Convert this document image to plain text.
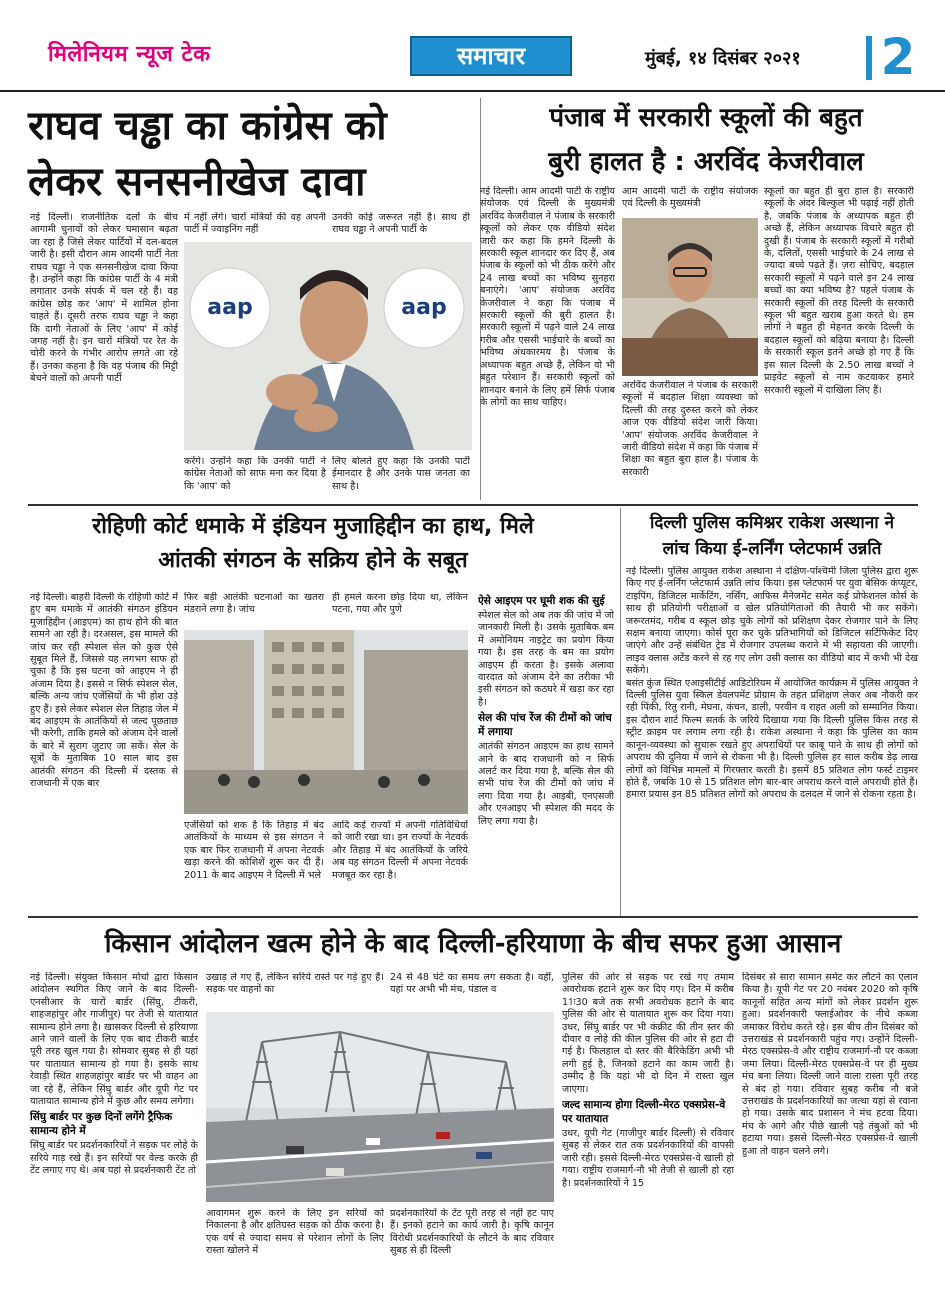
मिलेनियम न्यूज टेक	समाचार	मुंबई, १४ दिसंबर २०२१ 2
राघव चड्ढा का कांग्रेस को
लेकर सनसनीखेज दावा
नई दिल्ली। राजनीतिक दलों के बीच आगामी चुनावों को लेकर घमासान बढ़ता जा रहा है जिसे लेकर पार्टियों में दल-बदल जारी है। इसी दौरान आम आदमी पार्टी नेता राघव चड्ढा ने एक सनसनीखेज दावा किया है। उन्होंने कहा कि कांग्रेस पार्टी के 4 मंत्री लगातार उनके संपर्क में चल रहे हैं। वह कांग्रेस छोड़ कर 'आप' में शामिल होना चाहते हैं। दूसरी तरफ राघव चड्ढा ने कहा कि दागी नेताओं के लिए 'आप' में कोई जगह नहीं है। इन चारों मंत्रियों पर रेत के चोरी करने के गंभीर आरोप लगते आ रहे हैं। उनका कहना है कि वह पंजाब की मिट्टी बेचने वालों को अपनी पार्टी
में नहीं लेंगे। चारों मंत्रियों की वह अपनी पार्टी में ज्वाइनिंग नहीं
उनकी कोई जरूरत नहीं है। साथ ही राघव चड्ढा ने अपनी पार्टी के
aap	aap
करेंगे। उन्होंने कहा कि उनकी पार्टी ने कांग्रेस नेताओं को साफ मना कर दिया है कि 'आप' को
लिए बोलते हुए कहा कि उनकी पार्टी ईमानदार है और उनके पास जनता का साथ है।
पंजाब में सरकारी स्कूलों की बहुत
बुरी हालत है : अरविंद केजरीवाल
नई दिल्ली। आम आदमी पार्टी के राष्ट्रीय संयोजक एवं दिल्ली के मुख्यमंत्री अरविंद केजरीवाल ने पंजाब के सरकारी स्कूलों को लेकर एक वीडियो संदेश जारी कर कहा कि हमने दिल्ली के सरकारी स्कूल शानदार कर दिए हैं, अब पंजाब के स्कूलों को भी ठीक करेंगे और 24 लाख बच्चों का भविष्य सुनहरा बनाएंगे। 'आप' संयोजक अरविंद केजरीवाल ने कहा कि पंजाब में सरकारी स्कूलों की बुरी हालत है। सरकारी स्कूलों में पढ़ने वाले 24 लाख गरीब और एससी भाईचारे के बच्चों का भविष्य अंधकारमय है। पंजाब के अध्यापक बहुत अच्छे हैं, लेकिन वो भी बहुत परेशान हैं। सरकारी स्कूलों को शानदार बनाने के लिए हमें सिर्फ पंजाब के लोगों का साथ चाहिए।
आम आदमी पार्टी के राष्ट्रीय संयोजक एवं दिल्ली के मुख्यमंत्री
अरविंद केजरीवाल ने पंजाब के सरकारी स्कूलों में बदहाल शिक्षा व्यवस्था को दिल्ली की तरह दुरुस्त करने को लेकर आज एक वीडियो संदेश जारी किया। 'आप' संयोजक अरविंद केजरीवाल ने जारी वीडियो संदेश में कहा कि पंजाब में शिक्षा का बहुत बुरा हाल है। पंजाब के सरकारी
स्कूलों का बहुत ही बुरा हाल है। सरकारी स्कूलों के अंदर बिल्कुल भी पढ़ाई नहीं होती है, जबकि पंजाब के अध्यापक बहुत ही अच्छे हैं, लेकिन अध्यापक विचारे बहुत ही दुखी हैं। पंजाब के सरकारी स्कूलों में गरीबों के, दलितों, एससी भाईचारे के 24 लाख से ज्यादा बच्चे पढ़ते हैं। ज़रा सोचिए, बदहाल सरकारी स्कूलों में पढ़ने वाले इन 24 लाख बच्चों का क्या भविष्य है? पहले पंजाब के सरकारी स्कूलों की तरह दिल्ली के सरकारी स्कूल भी बहुत खराब हुआ करते थे। हम लोगों ने बहुत ही मेहनत करके दिल्ली के बदहाल स्कूलों को बढ़िया बनाया है। दिल्ली के सरकारी स्कूल इतने अच्छे हो गए हैं कि इस साल दिल्ली के 2.50 लाख बच्चों ने प्राइवेट स्कूलों से नाम कटवाकर हमारे सरकारी स्कूलों में दाखिला लिए हैं।
रोहिणी कोर्ट धमाके में इंडियन मुजाहिद्दीन का हाथ, मिले
आंतकी संगठन के सक्रिय होने के सबूत
नई दिल्ली। बाहरी दिल्ली के रोहिणी कोर्ट में हुए बम धमाके में आतंकी संगठन इंडियन मुजाहिद्दीन (आइएम) का हाथ होने की बात सामने आ रही है। दरअसल, इस मामले की जांच कर रही स्पेशल सेल को कुछ ऐसे सुबूत मिले हैं, जिससे यह लगभग साफ हो चुका है कि इस घटना को आइएम ने ही अंजाम दिया है। इससे न सिर्फ स्पेशल सेल, बल्कि अन्य जांच एजेंसियों के भी होश उड़े हुए हैं। इसे लेकर स्पेशल सेल तिहाड़ जेल में बंद आइएम के आतंकियों से जल्द पूछताछ भी करेगी, ताकि हमले को अंजाम देने वालों के बारे में सुराग जुटाए जा सकें। सेल के सूत्रों के मुताबिक 10 साल बाद इस आतंकी संगठन की दिल्ली में दस्तक से राजधानी में एक बार
फिर बड़ी आतंकी घटनाओं का खतरा मंडराने लगा है। जांच
ही हमले करना छोड़ दिया था, लेकिन पटना, गया और पुणे
एजेंसियों को शक है कि तिहाड़ में बंद आतंकियों के माध्यम से इस संगठन ने एक बार फिर राजधानी में अपना नेटवर्क खड़ा करने की कोशिशें शुरू कर दी हैं। 2011 के बाद आइएम ने दिल्ली में भले
आदि कई राज्यों में अपनी गतिविधियों को जारी रखा था। इन राज्यों के नेटवर्क और तिहाड़ में बंद आतंकियों के जरिये अब यह संगठन दिल्ली में अपना नेटवर्क मजबूत कर रहा है।
ऐसे आइएम पर घूमी शक की सुई
स्पेशल सेल को अब तक की जांच में जो जानकारी मिली है। उसके मुताबिक बम में अमोनियम नाइट्रेट का प्रयोग किया गया है। इस तरह के बम का प्रयोग आइएम ही करता है। इसके अलावा वारदात को अंजाम देने का तरीका भी इसी संगठन को कठघरे में खड़ा कर रहा है।
सेल की पांच रेंज की टीमों को जांच में लगाया
आतंकी संगठन आइएम का हाथ सामने आने के बाद राजधानी को न सिर्फ अलर्ट कर दिया गया है, बल्कि सेल की सभी पांच रेंज की टीमों को जांच में लगा दिया गया है। आइबी, एनएसजी और एनआइए भी स्पेशल की मदद के लिए लगा गया है।
दिल्ली पुलिस कमिश्नर राकेश अस्थाना ने
लांच किया ई-लर्निंग प्लेटफार्म उन्नति

नई दिल्ली। पुलिस आयुक्त राकेश अस्थाना ने दक्षिण-पश्चिमी जिला पुलिस द्वारा शुरू किए गए ई-लर्निंग प्लेटफार्म उन्नति लांच किया। इस प्लेटफार्म पर युवा बेसिक कंप्यूटर, टाइपिंग, डिजिटल मार्केटिंग, नर्सिंग, आफिस मैनेजमेंट समेत कई प्रोफेशनल कोर्स के साथ ही प्रतियोगी परीक्षाओं व खेल प्रतियोगिताओं की तैयारी भी कर सकेंगे। जरूरतमंद, गरीब व स्कूल छोड़ चुके लोगों को प्रशिक्षण देकर रोजगार पाने के लिए सक्षम बनाया जाएगा। कोर्स पूरा कर चुके प्रतिभागियों को डिजिटल सर्टिफिकेट दिए जाएंगे और उन्हें संबंधित ट्रेड में रोजगार उपलब्ध कराने में भी सहायता की जाएगी। लाइव क्लास अटेंड करने से रह गए लोग उसी क्लास का वीडियो बाद में कभी भी देख सकेंगे।

बसंत कुंज स्थित एआइसीटीई आडिटोरियम में आयोजित कार्यक्रम में पुलिस आयुक्त ने दिल्ली पुलिस युवा स्किल डेवलपमेंट प्रोग्राम के तहत प्रशिक्षण लेकर अब नौकरी कर रही पिंकी, रितु रानी, मेघना, कंचन, डाली, परवीन व राहत अली को सम्मानित किया। इस दौरान शार्ट फिल्म सतर्क के जरिये दिखाया गया कि दिल्ली पुलिस किस तरह से स्ट्रीट क्राइम पर लगाम लगा रही है। राकेश अस्थाना ने कहा कि पुलिस का काम कानून-व्यवस्था को सुचारू रखते हुए अपराधियों पर काबू पाने के साथ ही लोगों को अपराध की दुनिया में जाने से रोकना भी है। दिल्ली पुलिस हर साल करीब डेढ़ लाख लोगों को विभिन्न मामलों में गिरफ्तार करती है। इसमें 85 प्रतिशत लोग फर्स्ट टाइमर होते हैं, जबकि 10 से 15 प्रतिशत लोग बार-बार अपराध करने वाले अपराधी होते हैं। हमारा प्रयास इन 85 प्रतिशत लोगों को अपराध के दलदल में जाने से रोकना रहता है।

किसान आंदोलन खत्म होने के बाद दिल्ली-हरियाणा के बीच सफर हुआ आसान
नई दिल्ली। संयुक्त किसान मोर्चा द्वारा किसान आंदोलन स्थगित किए जाने के बाद दिल्ली-एनसीआर के चारों बार्डर (सिंघु, टीकरी, शाहजहांपुर और गाजीपुर) पर तेजी से यातायात सामान्य होने लगा है। खासकर दिल्ली से हरियाणा आने जाने वालों के लिए एक बाद टीकरी बार्डर पूरी तरह खुल गया है। सोमवार सुबह से ही यहां पर यातायात सामान्य हो गया है। इसके साथ रेवाड़ी स्थित शाहजहांपुर बार्डर पर भी वाहन आ जा रहे हैं, लेकिन सिंघु बार्डर और यूपी गेट पर यातायात सामान्य होने में कुछ और समय लगेगा।
सिंघु बार्डर पर कुछ दिनों लगेंगे ट्रैफिक सामान्य होने में
सिंघु बार्डर पर प्रदर्शनकारियों ने सड़क पर लोहे के सरिये गाड़ रखे हैं। इन सरियों पर वेल्ड करके ही टेंट लगाए गए थे। अब यहां से प्रदर्शनकारी टेंट तो
उखाड़ ले गए हैं, लेकिन सरिये रास्ते पर गड़े हुए हैं। सड़क पर वाहनों का
24 से 48 घंटे का समय लग सकता है। वहीं, यहां पर अभी भी मंच, पंडाल व
आवागमन शुरू करने के लिए इन सरियों को निकालना है और क्षतिग्रस्त सड़क को ठीक करना है। एक वर्ष से ज्यादा समय से परेशान लोगों के लिए रास्ता खोलने में
प्रदर्शनकारियों के टेंट पूरी तरह से नहीं हट पाए हैं। इनको हटाने का कार्य जारी है। कृषि कानून विरोधी प्रदर्शनकारियों के लौटने के बाद रविवार सुबह से ही दिल्ली
पुलिस की ओर से सड़क पर रखे गए तमाम अवरोधक हटाने शुरू कर दिए गए। दिन में करीब 11ः30 बजे तक सभी अवरोधक हटाने के बाद पुलिस की ओर से यातायात शुरू कर दिया गया। उधर, सिंघु बार्डर पर भी कंक्रीट की तीन स्तर की दीवार व लोहे की कील पुलिस की ओर से हटा दी गई है। फिलहाल दो स्तर की बैरिकेडिंग अभी भी लगी हुई है, जिनको हटाने का काम जारी है। उम्मीद है कि यहां भी दो दिन में रास्ता खुल जाएगा।
जल्द सामान्य होगा दिल्ली-मेरठ एक्सप्रेस-वे पर यातायात
उधर, यूपी गेट (गाजीपुर बार्डर दिल्ली) से रविवार सुबह से लेकर रात तक प्रदर्शनकारियों की वापसी जारी रही। इससे दिल्ली-मेरठ एक्सप्रेस-वे खाली हो गया। राष्ट्रीय राजमार्ग-नौ भी तेजी से खाली हो रहा है। प्रदर्शनकारियों ने 15
दिसंबर से सारा सामान समेट कर लौटने का एलान किया है। यूपी गेट पर 20 नवंबर 2020 को कृषि कानूनों सहित अन्य मांगों को लेकर प्रदर्शन शुरू हुआ। प्रदर्शनकारी फ्लाईओवर के नीचे कब्जा जमाकर विरोध करते रहे। इस बीच तीन दिसंबर को उत्तराखंड से प्रदर्शनकारी पहुंच गए। उन्होंने दिल्ली-मेरठ एक्सप्रेस-वे और राष्ट्रीय राजमार्ग-नौ पर कब्जा जमा लिया। दिल्ली-मेरठ एक्सप्रेस-वे पर ही मुख्य मंच बना लिया। दिल्ली जाने वाला रास्ता पूरी तरह से बंद हो गया। रविवार सुबह करीब नौ बजे उत्तराखंड के प्रदर्शनकारियों का जत्था यहां से रवाना हो गया। उसके बाद प्रशासन ने मंच हटवा दिया। मंच के आगे और पीछे खाली पड़े तंबुओं को भी हटाया गया। इससे दिल्ली-मेरठ एक्सप्रेस-वे खाली हुआ तो वाहन चलने लगे।
